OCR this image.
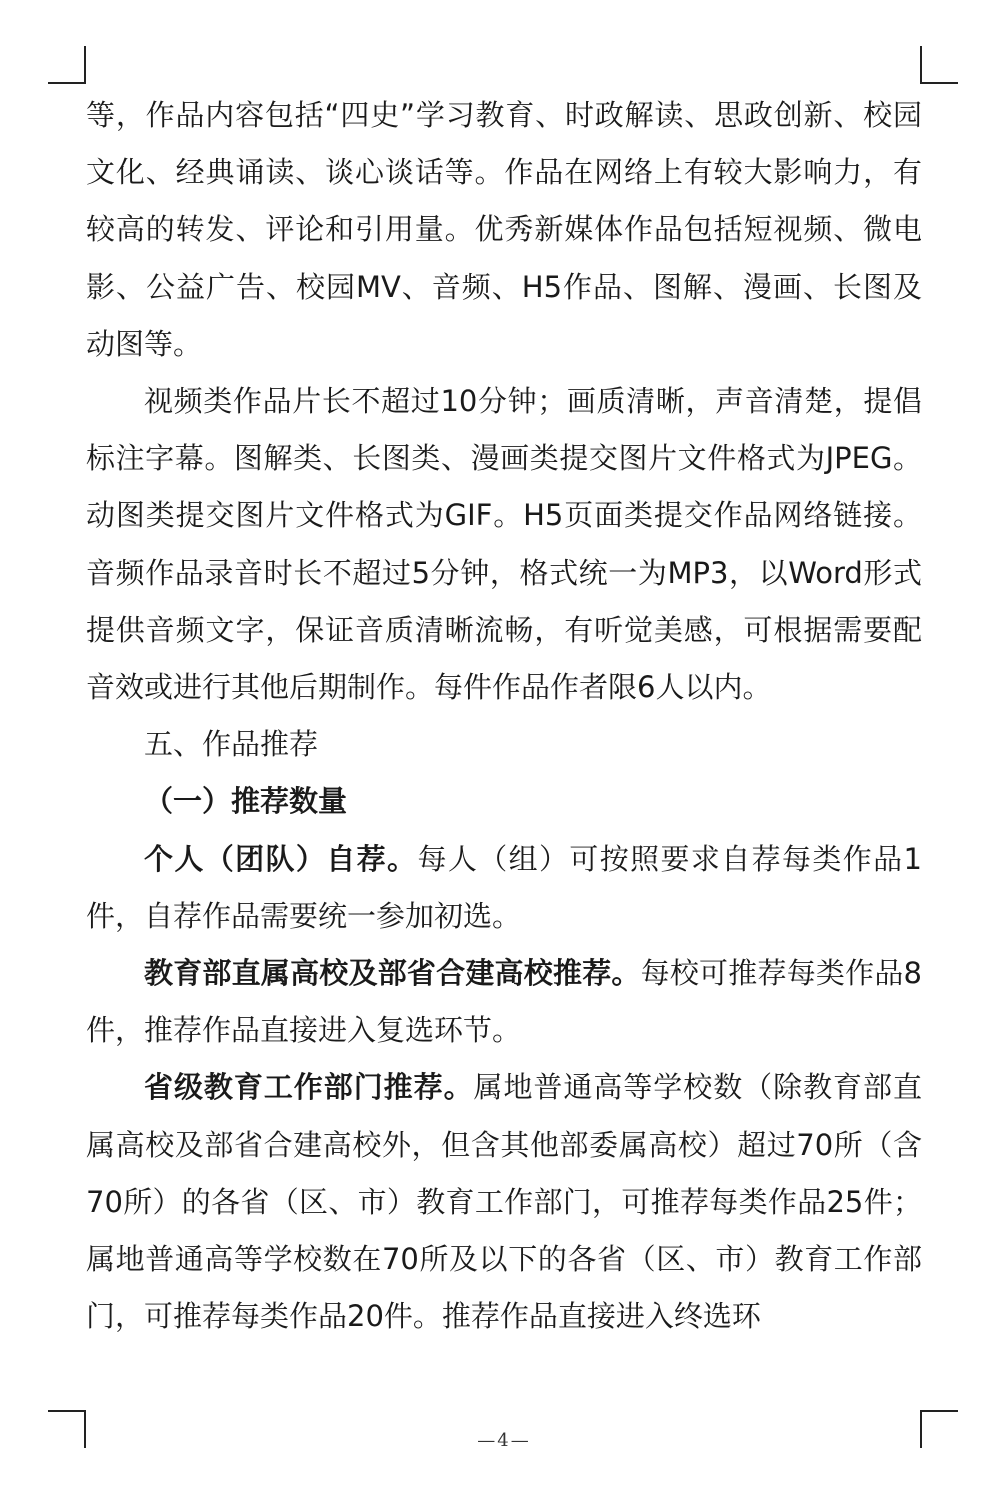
等，作品内容包括“四史”学习教育、时政解读、思政创新、校园文化、经典诵读、谈心谈话等。作品在网络上有较大影响力，有较高的转发、评论和引用量。优秀新媒体作品包括短视频、微电影、公益广告、校园MV、音频、H5作品、图解、漫画、长图及动图等。

视频类作品片长不超过10分钟；画质清晰，声音清楚，提倡标注字幕。图解类、长图类、漫画类提交图片文件格式为JPEG。动图类提交图片文件格式为GIF。H5页面类提交作品网络链接。音频作品录音时长不超过5分钟，格式统一为MP3，以Word形式提供音频文字，保证音质清晰流畅，有听觉美感，可根据需要配音效或进行其他后期制作。每件作品作者限6人以内。

五、作品推荐

（一）推荐数量

个人（团队）自荐。每人（组）可按照要求自荐每类作品1件，自荐作品需要统一参加初选。

教育部直属高校及部省合建高校推荐。每校可推荐每类作品8件，推荐作品直接进入复选环节。

省级教育工作部门推荐。属地普通高等学校数（除教育部直属高校及部省合建高校外，但含其他部委属高校）超过70所（含70所）的各省（区、市）教育工作部门，可推荐每类作品25件；属地普通高等学校数在70所及以下的各省（区、市）教育工作部门，可推荐每类作品20件。推荐作品直接进入终选环

—4—
